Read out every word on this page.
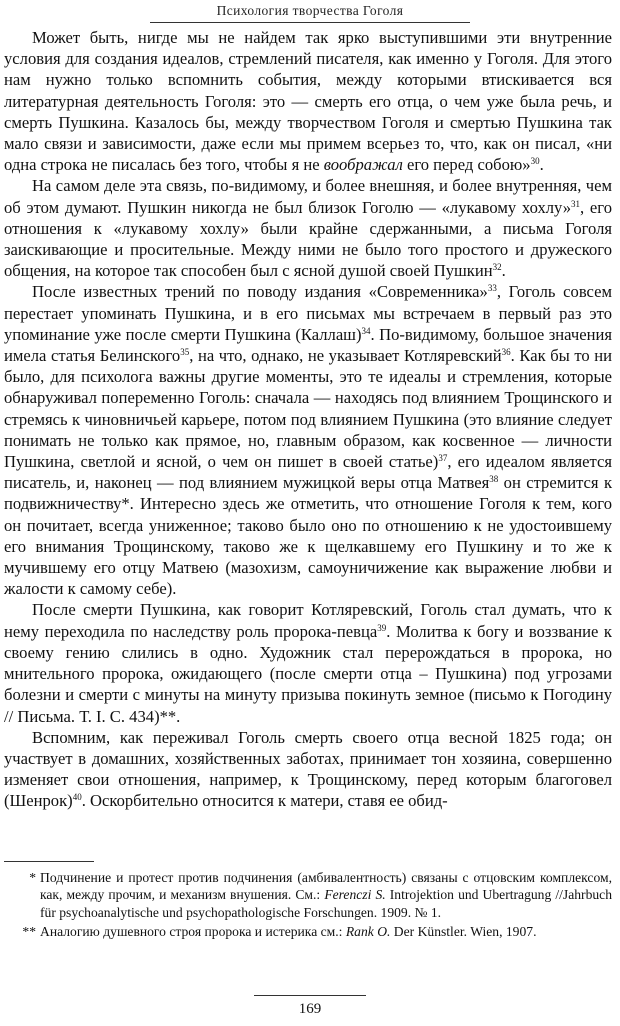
Психология творчества Гоголя

Может быть, нигде мы не найдем так ярко выступившими эти внутренние условия для создания идеалов, стремлений писателя, как именно у Гоголя. Для этого нам нужно только вспомнить события, между которыми втискивается вся литературная деятельность Гоголя: это — смерть его отца, о чем уже была речь, и смерть Пушкина. Казалось бы, между творчеством Гоголя и смертью Пушкина так мало связи и зависимости, даже если мы примем всерьез то, что, как он писал, «ни одна строка не писалась без того, чтобы я не воображал его перед собою»$^{30}$.

На самом деле эта связь, по-видимому, и более внешняя, и более внутренняя, чем об этом думают. Пушкин никогда не был близок Гоголю — «лукавому хохлу»$^{31}$, его отношения к «лукавому хохлу» были крайне сдержанными, а письма Гоголя заискивающие и просительные. Между ними не было того простого и дружеского общения, на которое так способен был с ясной душой своей Пушкин$^{32}$.

После известных трений по поводу издания «Современника»$^{33}$, Гоголь совсем перестает упоминать Пушкина, и в его письмах мы встречаем в первый раз это упоминание уже после смерти Пушкина (Каллаш)$^{34}$. По-видимому, большое значения имела статья Белинского$^{35}$, на что, однако, не указывает Котляревский$^{36}$. Как бы то ни было, для психолога важны другие моменты, это те идеалы и стремления, которые обнаруживал попеременно Гоголь: сначала — находясь под влиянием Трощинского и стремясь к чиновничьей карьере, потом под влиянием Пушкина (это влияние следует понимать не только как прямое, но, главным образом, как косвенное — личности Пушкина, светлой и ясной, о чем он пишет в своей статье)$^{37}$, его идеалом является писатель, и, наконец — под влиянием мужицкой веры отца Матвея$^{38}$ он стремится к подвижничеству*. Интересно здесь же отметить, что отношение Гоголя к тем, кого он почитает, всегда униженное; таково было оно по отношению к не удостоившему его внимания Трощинскому, таково же к щелкавшему его Пушкину и то же к мучившему его отцу Матвею (мазохизм, самоуничижение как выражение любви и жалости к самому себе).

После смерти Пушкина, как говорит Котляревский, Гоголь стал думать, что к нему переходила по наследству роль пророка-певца$^{39}$. Молитва к богу и воззвание к своему гению слились в одно. Художник стал перерождаться в пророка, но мнительного пророка, ожидающего (после смерти отца – Пушкина) под угрозами болезни и смерти с минуты на минуту призыва покинуть земное (письмо к Погодину // Письма. Т. I. С. 434)**.

Вспомним, как переживал Гоголь смерть своего отца весной 1825 года; он участвует в домашних, хозяйственных заботах, принимает тон хозяина, совершенно изменяет свои отношения, например, к Трощинскому, перед которым благоговел (Шенрок)$^{40}$. Оскорбительно относится к матери, ставя ее обид-

* Подчинение и протест против подчинения (амбивалентность) связаны с отцовским комплексом, как, между прочим, и механизм внушения. См.: Ferenczi S. Introjektion und Ubertragung //Jahrbuch für psychoanalytische und psychopathologische Forschungen. 1909. № 1.

** Аналогию душевного строя пророка и истерика см.: Rank O. Der Künstler. Wien, 1907.

169
